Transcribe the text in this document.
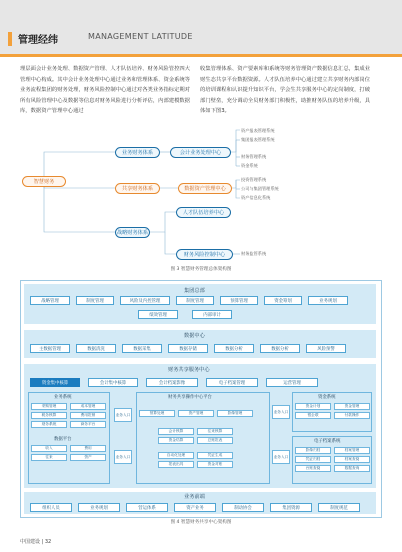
管理经纬	MANAGEMENT LATITUDE

理层面会计业务处理、数据资产管理、人才队伍培养、财务风险管控四大管理中心构成。其中会计业务处理中心通过业务和管理体系、资金系统等业务流程集团的财务处理，财务风险控制中心通过对各类业务指标定期对所有风险管理中心及数据等信息对财务风险进行分析评估，内部建模数据库，数据资产管理中心通过

收集管理体系、资产要素库和系统等财务管理资产数据信息汇总，集成业财生态共享平台数据资源。人才队伍培养中心通过建立共享财务内部岗位的培训课程和认识提升知识平台，学会生共享服务中心的定岗制度，打破部门壁垒，充分调动全员财务部门积极性，助推财务队伍的培养升级，具体如下图3。

智慧财务
业务财务体系	会计业务处理中心
资产报表管理系统
集团报表管理系统
财务管理系统
资金系统
共享财务体系	数据资产管理中心
投资管理系统
公司与集团管理系统
资产信息化系统
战略财务体系
人才队伍培养中心
财务风险控制中心	财务监管系统
图 3 智慧财务管理总体架构图
集团总部
战略管理	制度管理	风险及内控管理	制度管理	预算管理	资金筹划	业务规划
绩效管理	内部审计
数据中心
主数据管理	数据清洗	数据采集	数据存储	数据分析	数据分析	风险预警
财务共享服务中心
资金集中核算	会计集中核算	会计档案影像	电子档案管理	运营管理
业务系统
采购管理	成本管理
税务核算	费用报销
财务系统	商务平台
数据平台
收入	费用
往来	资产
业务入口
业务入口
财务共享操作中心平台
预算处理	资产管理	影像管理
会计核算	往来核算
资金结算	总账报表
自动化处理	凭证生成
报表出具	资金对账
业务入口
业务入口
资金系统
资金计划	资金管理
银企联	付款操作
电子档案系统
影像归档	档案管理
凭证归档	档案查阅
台账查阅	数据查询
业务前端
组织人员	业务规划	营运体系	资产业务	制动协会	集团资源	制度规范
图 4 智慧财务共享中心架构图
中国建设 | 32
